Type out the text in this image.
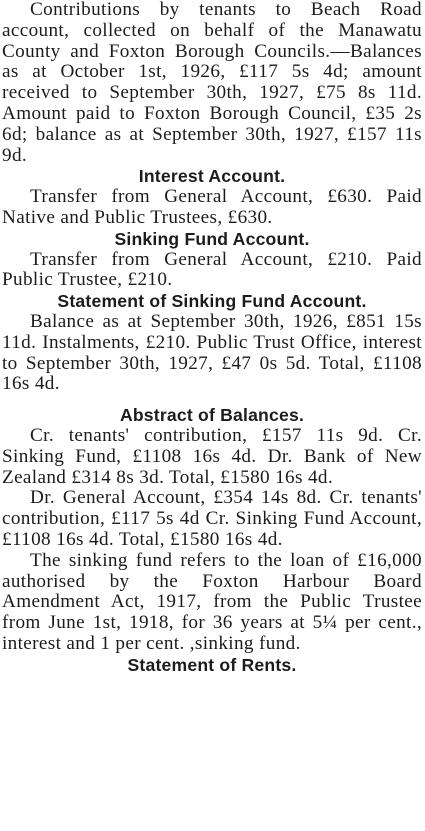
Contributions by tenants to Beach Road account, collected on behalf of the Manawatu County and Foxton Borough Councils.—Balances as at October 1st, 1926, £117 5s 4d; amount received to September 30th, 1927, £75 8s 11d. Amount paid to Foxton Borough Council, £35 2s 6d; balance as at September 30th, 1927, £157 11s 9d.

Interest Account.

Transfer from General Account, £630. Paid Native and Public Trustees, £630.

Sinking Fund Account.

Transfer from General Account, £210. Paid Public Trustee, £210.

Statement of Sinking Fund Account.

Balance as at September 30th, 1926, £851 15s 11d. Instalments, £210. Public Trust Office, interest to September 30th, 1927, £47 0s 5d. Total, £1108 16s 4d.

Abstract of Balances.

Cr. tenants' contribution, £157 11s 9d. Cr. Sinking Fund, £1108 16s 4d. Dr. Bank of New Zealand £314 8s 3d. Total, £1580 16s 4d.

Dr. General Account, £354 14s 8d. Cr. tenants' contribution, £117 5s 4d Cr. Sinking Fund Account, £1108 16s 4d. Total, £1580 16s 4d.

The sinking fund refers to the loan of £16,000 authorised by the Foxton Harbour Board Amendment Act, 1917, from the Public Trustee from June 1st, 1918, for 36 years at 5¼ per cent., interest and 1 per cent. ,sinking fund.

Statement of Rents.
